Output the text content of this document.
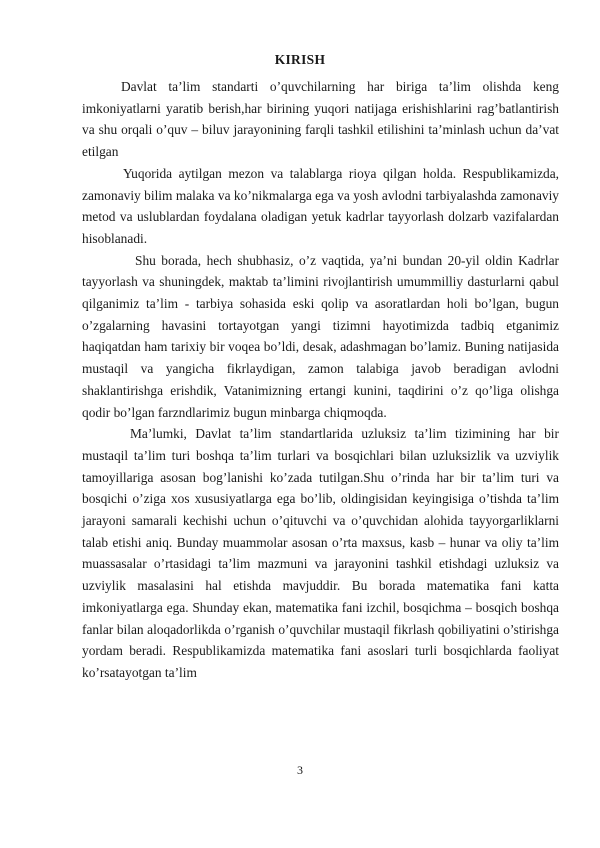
KIRISH

Davlat ta’lim standarti o’quvchilarning har biriga ta’lim olishda keng imkoniyatlarni yaratib berish,har birining yuqori natijaga erishishlarini rag’batlantirish va shu orqali o’quv – biluv jarayonining farqli tashkil etilishini ta’minlash uchun da’vat etilgan

Yuqorida aytilgan mezon va talablarga rioya qilgan holda. Respublikamizda, zamonaviy bilim malaka va ko’nikmalarga ega va yosh avlodni tarbiyalashda zamonaviy metod va uslublardan foydalana oladigan yetuk kadrlar tayyorlash dolzarb vazifalardan hisoblanadi.

Shu borada, hech shubhasiz, o’z vaqtida, ya’ni bundan 20-yil oldin Kadrlar tayyorlash va shuningdek, maktab ta’limini rivojlantirish umummilliy dasturlarni qabul qilganimiz ta’lim - tarbiya sohasida eski qolip va asoratlardan holi bo’lgan, bugun o’zgalarning havasini tortayotgan yangi tizimni hayotimizda tadbiq etganimiz haqiqatdan ham tarixiy bir voqea bo’ldi, desak, adashmagan bo’lamiz. Buning natijasida mustaqil va yangicha fikrlaydigan, zamon talabiga javob beradigan avlodni shaklantirishga erishdik, Vatanimizning ertangi kunini, taqdirini o’z qo’liga olishga qodir bo’lgan farzndlarimiz bugun minbarga chiqmoqda.

Ma’lumki, Davlat ta’lim standartlarida uzluksiz ta’lim tizimining har bir mustaqil ta’lim turi boshqa ta’lim turlari va bosqichlari bilan uzluksizlik va uzviylik tamoyillariga asosan bog’lanishi ko’zada tutilgan.Shu o’rinda har bir ta’lim turi va bosqichi o’ziga xos xususiyatlarga ega bo’lib, oldingisidan keyingisiga o’tishda ta’lim jarayoni samarali kechishi uchun o’qituvchi va o’quvchidan alohida tayyorgarliklarni talab etishi aniq. Bunday muammolar asosan o’rta maxsus, kasb – hunar va oliy ta’lim muassasalar o’rtasidagi ta’lim mazmuni va jarayonini tashkil etishdagi uzluksiz va uzviylik masalasini hal etishda mavjuddir. Bu borada matematika fani katta imkoniyatlarga ega. Shunday ekan, matematika fani izchil, bosqichma – bosqich boshqa fanlar bilan aloqadorlikda o’rganish o’quvchilar mustaqil fikrlash qobiliyatini o’stirishga yordam beradi. Respublikamizda matematika fani asoslari turli bosqichlarda faoliyat ko’rsatayotgan ta’lim

3
